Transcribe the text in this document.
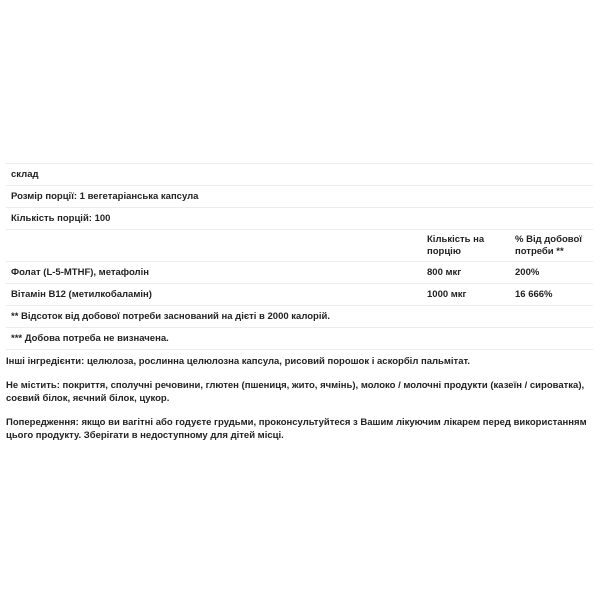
склад		
Розмір порції: 1 вегетаріанська капсула		
Кількість порцій: 100		
	Кількість на порцію	% Від добової потреби **
Фолат (L-5-MTHF), метафолін	800 мкг	200%
Вітамін B12 (метилкобаламін)	1000 мкг	16 666%
** Відсоток від добової потреби заснований на дієті в 2000 калорій.		
*** Добова потреба не визначена.		

Інші інгредієнти: целюлоза, рослинна целюлозна капсула, рисовий порошок і аскорбіл пальмітат.

Не містить: покриття, сполучні речовини, глютен (пшениця, жито, ячмінь), молоко / молочні продукти (казеїн / сироватка), соєвий білок, яєчний білок, цукор.

Попередження: якщо ви вагітні або годуєте грудьми, проконсультуйтеся з Вашим лікуючим лікарем перед використанням цього продукту. Зберігати в недоступному для дітей місці.
